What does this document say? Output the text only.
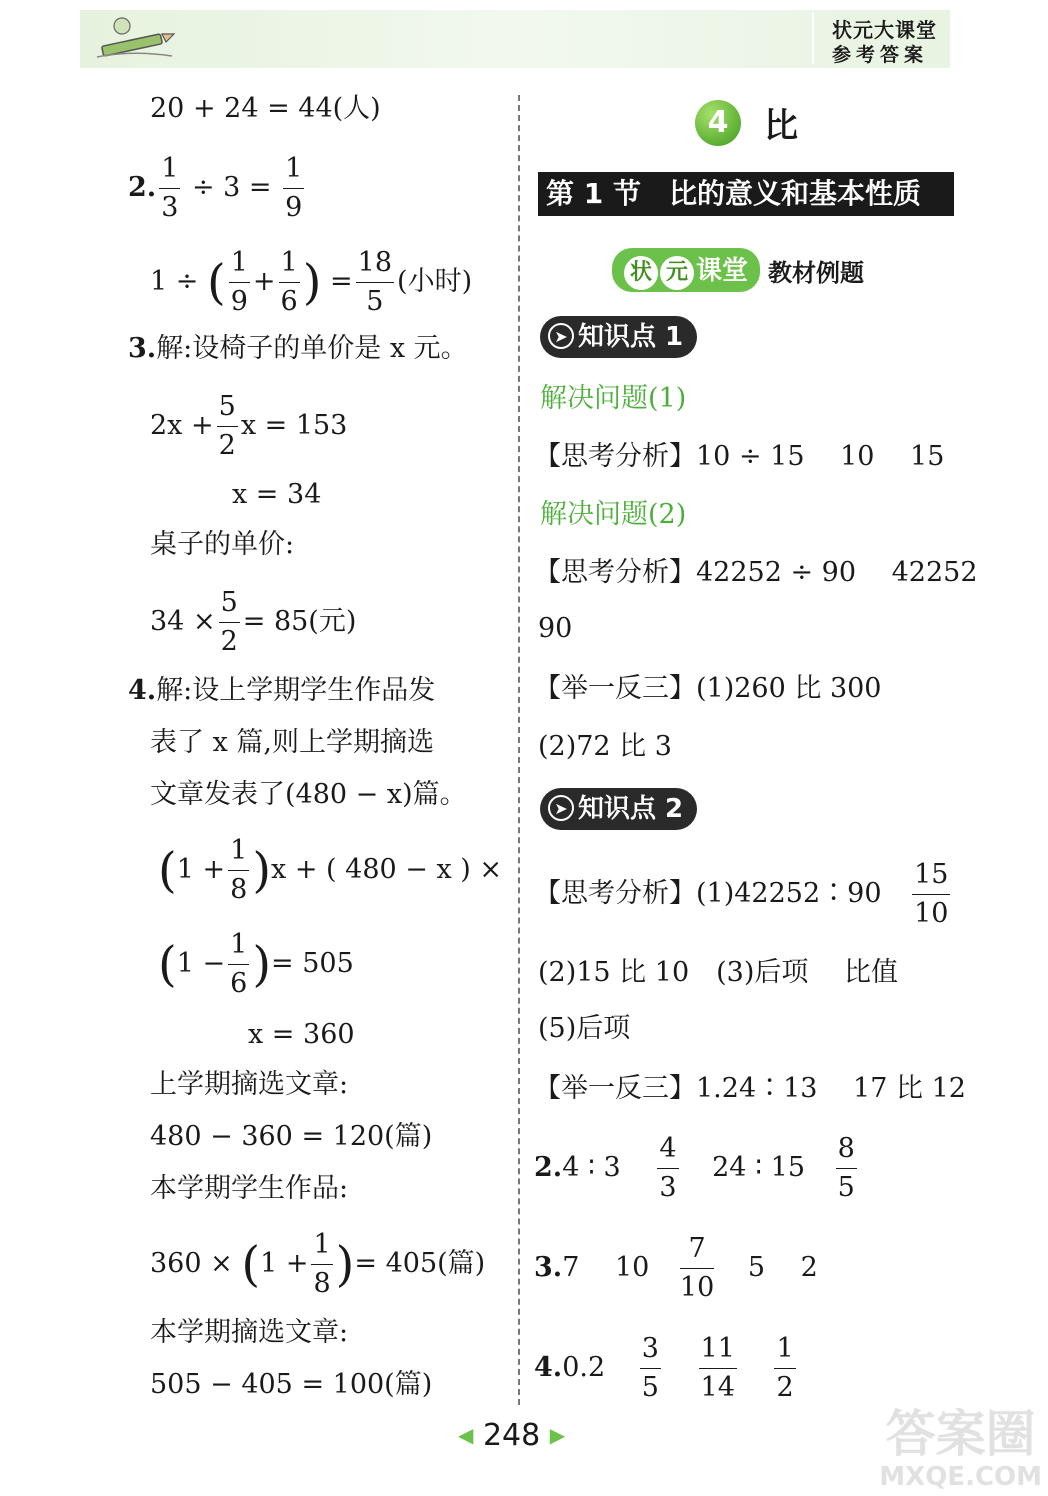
状元大课堂
参考答案
20 + 24 = 44(人)
2. $\frac{1}{3} \div 3 = \frac{1}{9}$
1 ÷ ( $\frac{1}{9} + \frac{1}{6}$ ) = $\frac{18}{5}$ (小时)
3.解:设椅子的单价是 x 元。
$2x + \frac{5}{2}$ x = 153
x = 34
桌子的单价:
$34 \times \frac{5}{2} = 85$(元)
4.解:设上学期学生作品发
表了 x 篇,则上学期摘选
文章发表了(480 − x)篇。
$(1 + \frac{1}{8} )x$ + ( 480 − x ) ×
($1 - \frac{1}{6}$ )= 505
x = 360
上学期摘选文章:
480 − 360 = 120(篇)
本学期学生作品:
$360 \times (1 + \frac{1}{8}$ )= 405(篇)
本学期摘选文章:
505 − 405 = 100(篇)
4	比
第 1 节　比的意义和基本性质
状 元 课堂 教材例题
➤ 知识点 1
解决问题(1)
【思考分析】10 ÷ 15　 10　 15
解决问题(2)
【思考分析】42252 ÷ 90　 42252
90
【举一反三】(1)260 比 300
(2)72 比 3
➤ 知识点 2
【思考分析】(1)42252∶90 $\frac{15}{10}$
(2)15 比 10　(3)后项　 比值
(5)后项
【举一反三】1.24∶13　 17 比 12
2.4 ∶ $3 \frac{4}{3} 24$ ∶ $15 \frac{8}{5}$
3.7　 $10 \frac{7}{10} 5$　 2
$4.0.2 \frac{3}{5}$
$\frac{11}{14}$
$\frac{1}{2}$
◀ 248 ▶	答案圈
MXQE.COM
